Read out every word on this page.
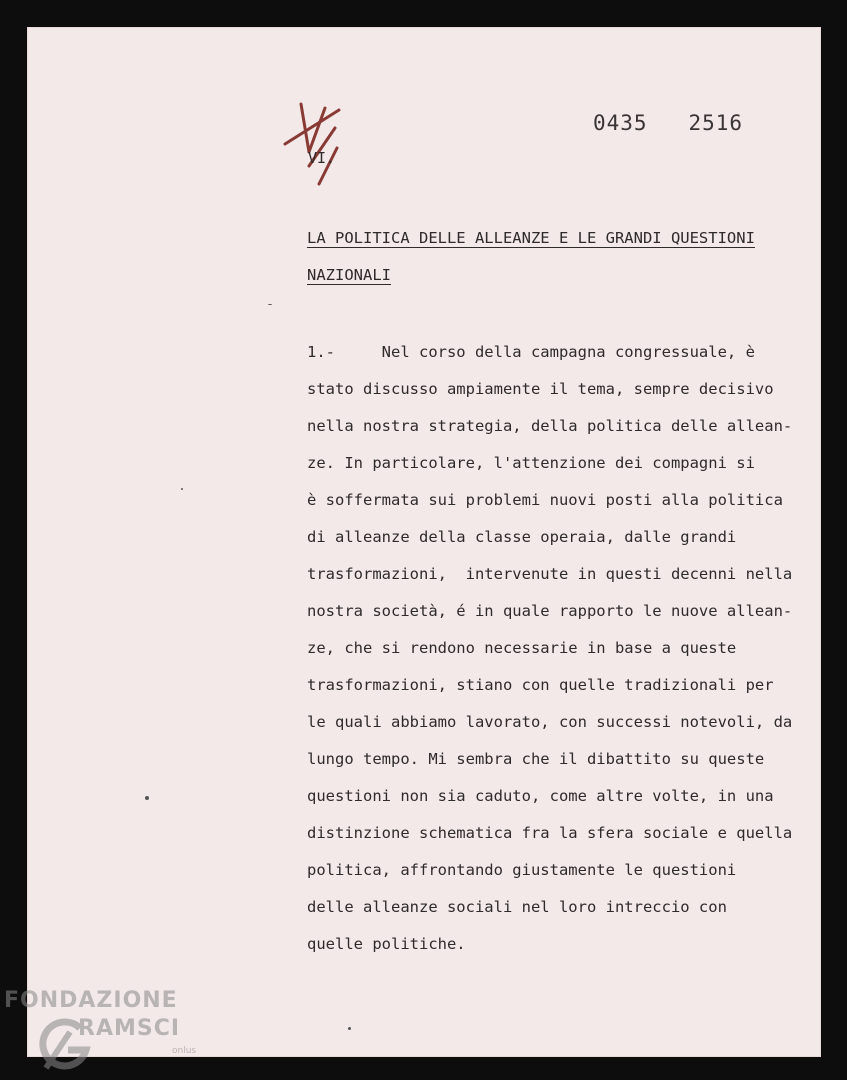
0435   2516
VI.
LA POLITICA DELLE ALLEANZE E LE GRANDI QUESTIONI
NAZIONALI
1.-     Nel corso della campagna congressuale, è
stato discusso ampiamente il tema, sempre decisivo
nella nostra strategia, della politica delle allean-
ze. In particolare, l'attenzione dei compagni si
è soffermata sui problemi nuovi posti alla politica
di alleanze della classe operaia, dalle grandi
trasformazioni,  intervenute in questi decenni nella
nostra società, é in quale rapporto le nuove allean-
ze, che si rendono necessarie in base a queste
trasformazioni, stiano con quelle tradizionali per
le quali abbiamo lavorato, con successi notevoli, da
lungo tempo. Mi sembra che il dibattito su queste
questioni non sia caduto, come altre volte, in una
distinzione schematica fra la sfera sociale e quella
politica, affrontando giustamente le questioni
delle alleanze sociali nel loro intreccio con
quelle politiche.
FONDAZIONE
RAMSCI
onlus
